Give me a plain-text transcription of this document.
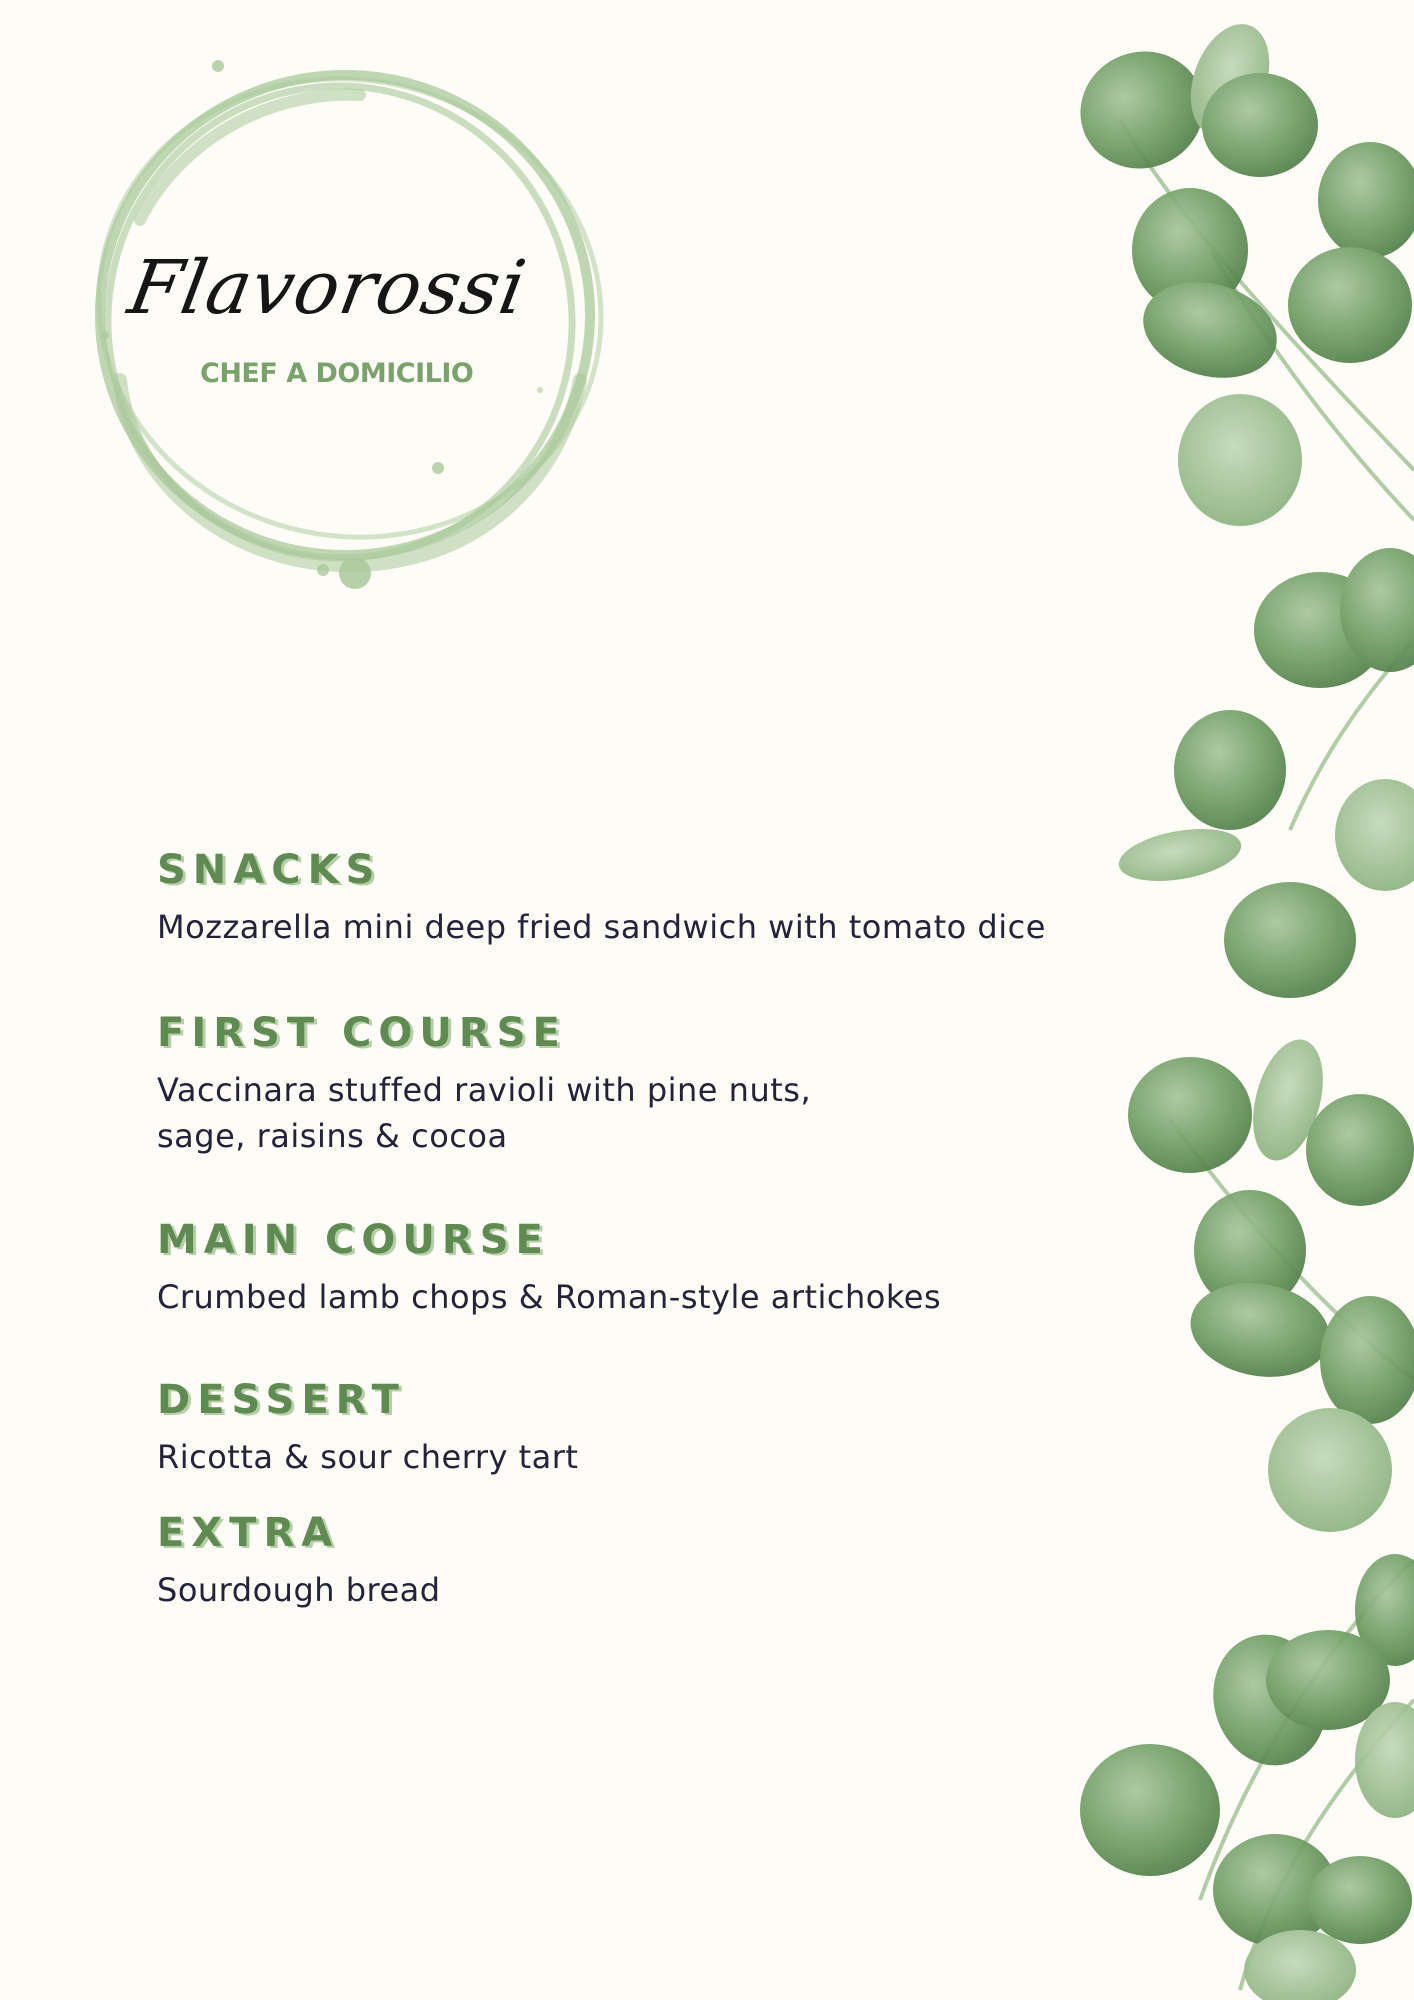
Flavorossi
CHEF A DOMICILIO
SNACKS

Mozzarella mini deep fried sandwich with tomato dice

FIRST COURSE

Vaccinara stuffed ravioli with pine nuts,
sage, raisins & cocoa

MAIN COURSE

Crumbed lamb chops & Roman-style artichokes

DESSERT

Ricotta & sour cherry tart

EXTRA

Sourdough bread
